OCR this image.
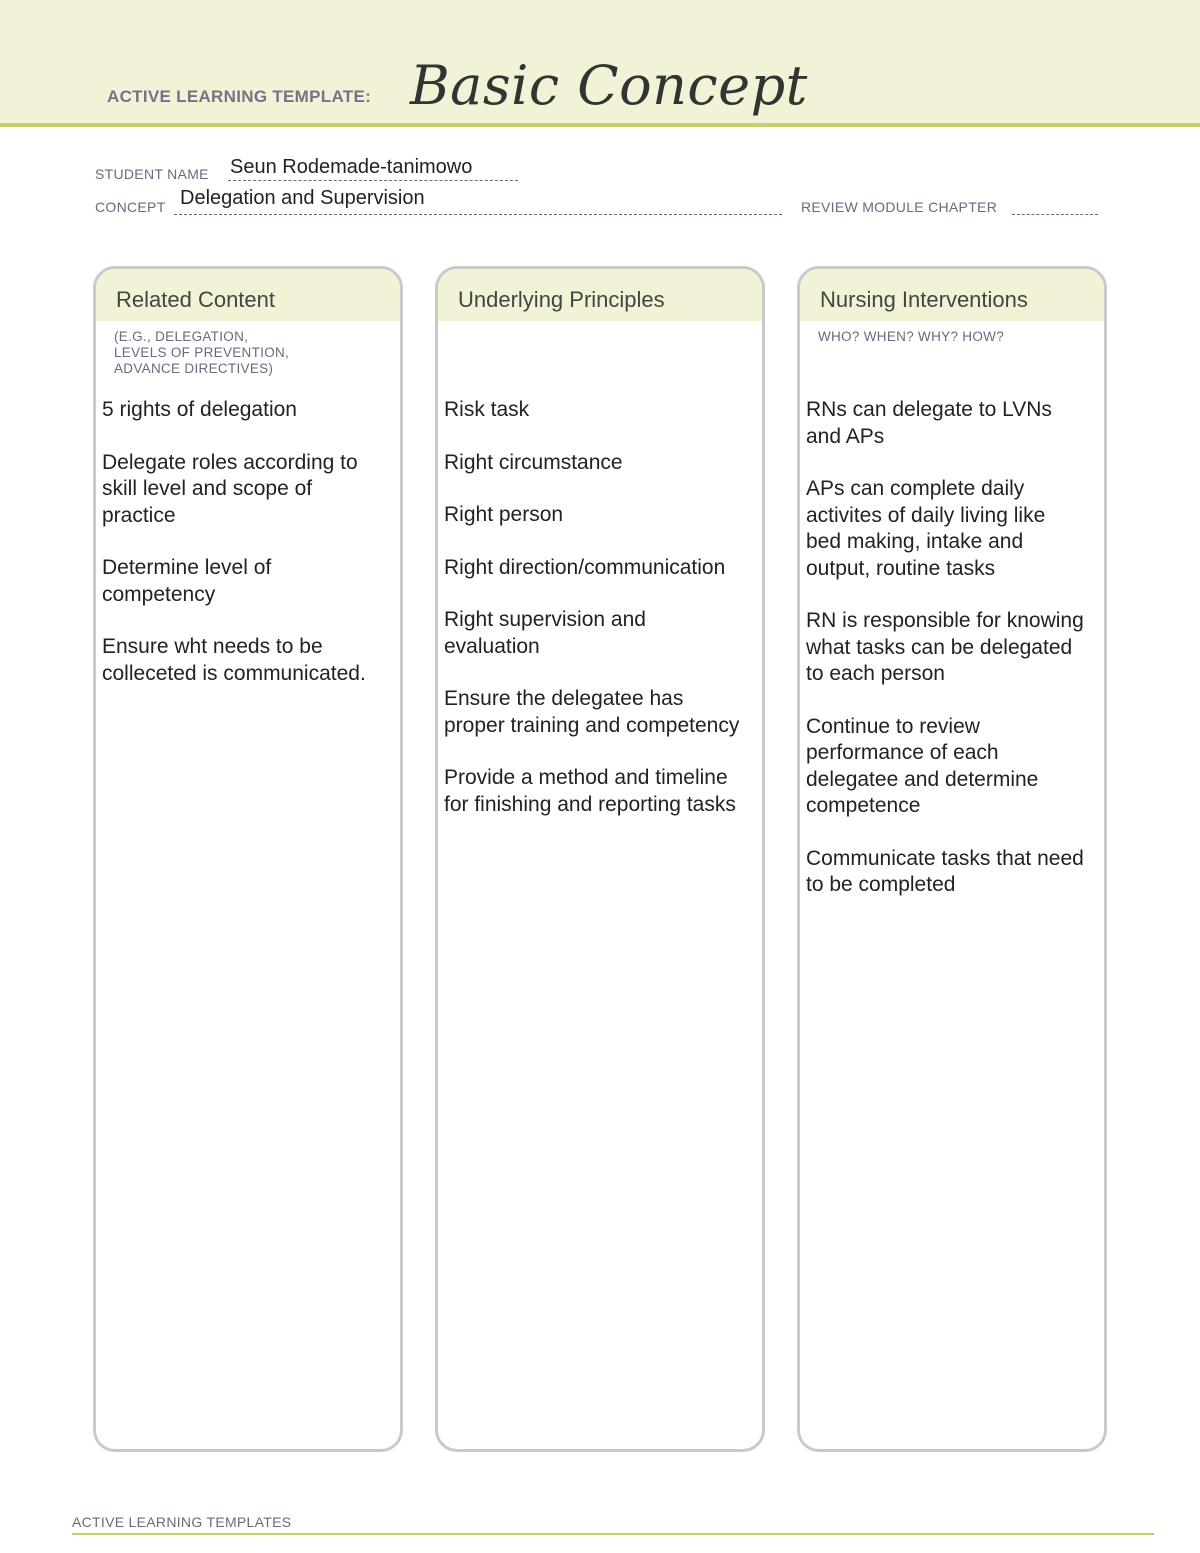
ACTIVE LEARNING TEMPLATE: Basic Concept
STUDENT NAME Seun Rodemade-tanimowo
CONCEPT Delegation and Supervision	REVIEW MODULE CHAPTER
Related Content
(E.G., DELEGATION,
LEVELS OF PREVENTION,
ADVANCE DIRECTIVES)
5 rights of delegation
Delegate roles according to skill level and scope of practice
Determine level of competency
Ensure wht needs to be colleceted is communicated.
Underlying Principles
Risk task
Right circumstance
Right person
Right direction/communication
Right supervision and evaluation
Ensure the delegatee has proper training and competency
Provide a method and timeline for finishing and reporting tasks
Nursing Interventions
WHO? WHEN? WHY? HOW?
RNs can delegate to LVNs and APs
APs can complete daily activites of daily living like bed making, intake and output, routine tasks
RN is responsible for knowing what tasks can be delegated to each person
Continue to review performance of each delegatee and determine competence
Communicate tasks that need to be completed
ACTIVE LEARNING TEMPLATES
